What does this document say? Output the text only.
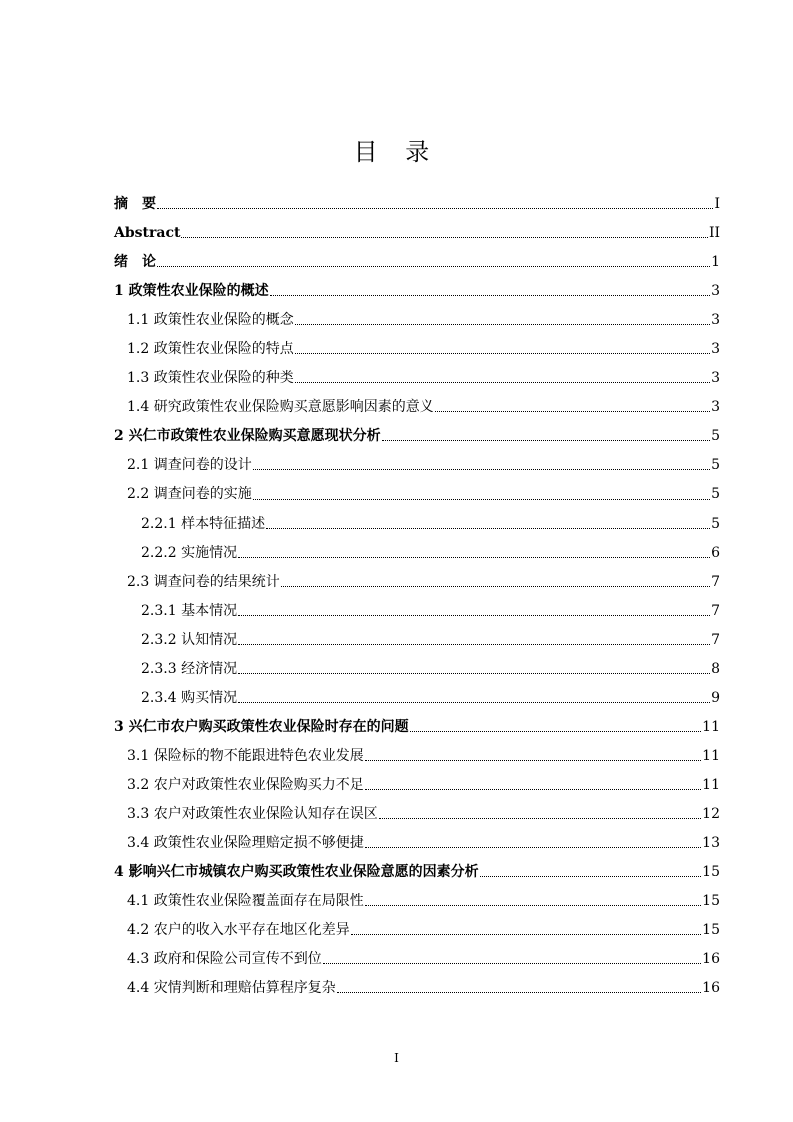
目 录
摘　要	I
Abstract	II
绪　论	1
1 政策性农业保险的概述	3
1.1 政策性农业保险的概念	3
1.2 政策性农业保险的特点	3
1.3 政策性农业保险的种类	3
1.4 研究政策性农业保险购买意愿影响因素的意义	3
2 兴仁市政策性农业保险购买意愿现状分析	5
2.1 调查问卷的设计	5
2.2 调查问卷的实施	5
2.2.1 样本特征描述	5
2.2.2 实施情况	6
2.3 调查问卷的结果统计	7
2.3.1 基本情况	7
2.3.2 认知情况	7
2.3.3 经济情况	8
2.3.4 购买情况	9
3 兴仁市农户购买政策性农业保险时存在的问题	11
3.1 保险标的物不能跟进特色农业发展	11
3.2 农户对政策性农业保险购买力不足	11
3.3 农户对政策性农业保险认知存在误区	12
3.4 政策性农业保险理赔定损不够便捷	13
4 影响兴仁市城镇农户购买政策性农业保险意愿的因素分析	15
4.1 政策性农业保险覆盖面存在局限性	15
4.2 农户的收入水平存在地区化差异	15
4.3 政府和保险公司宣传不到位	16
4.4 灾情判断和理赔估算程序复杂	16
I
